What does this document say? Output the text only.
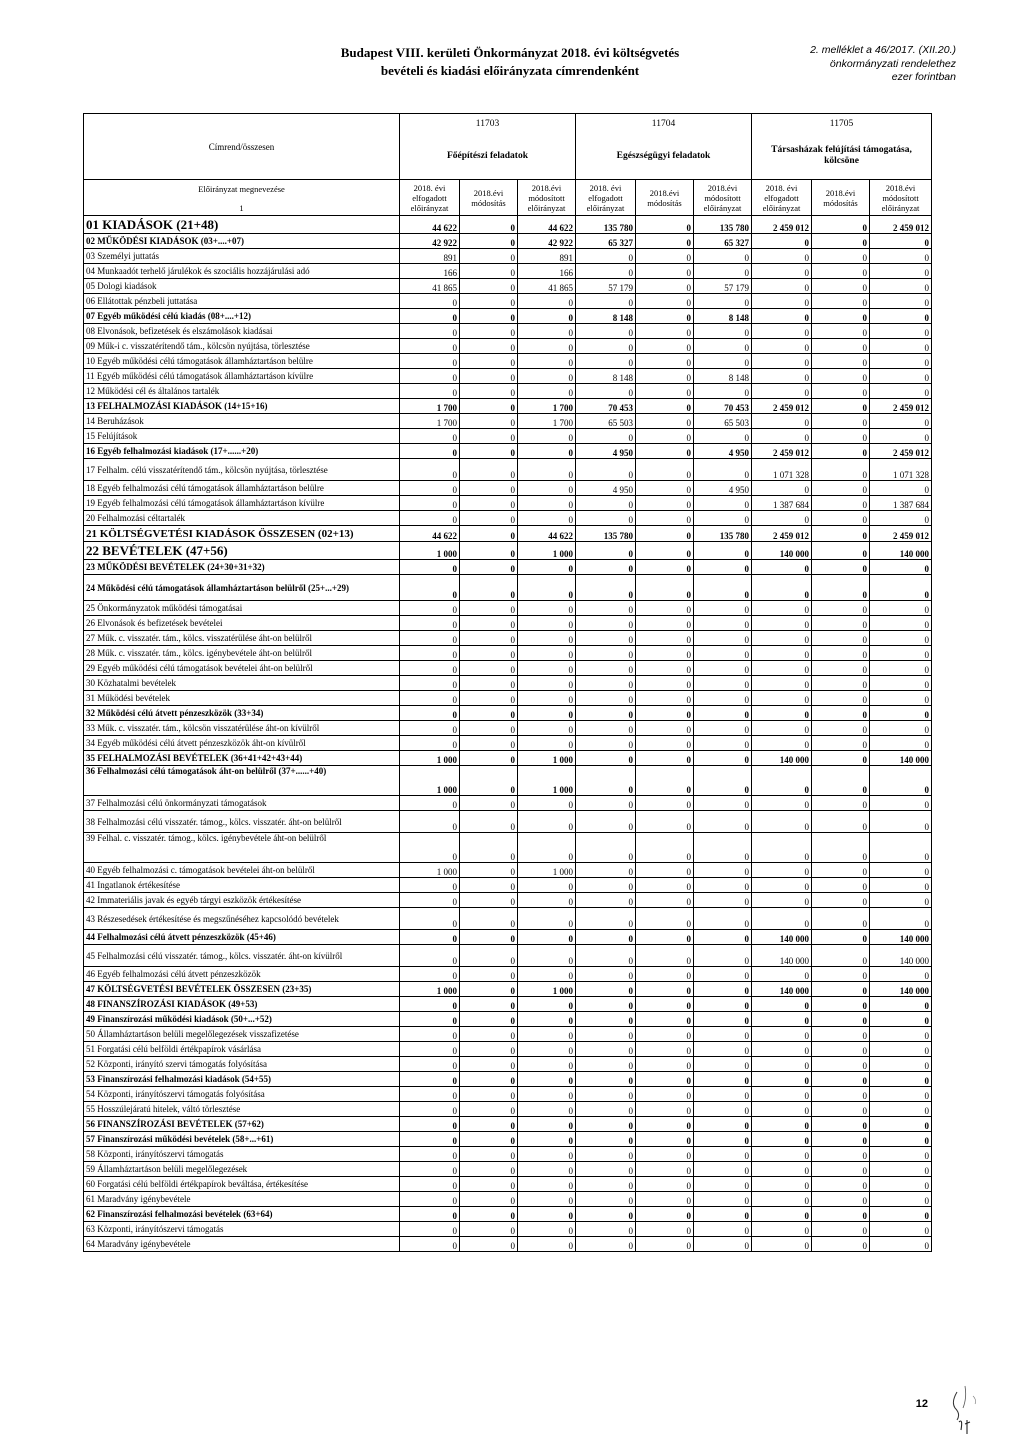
Budapest VIII. kerületi Önkormányzat 2018. évi költségvetés
bevételi és kiadási előirányzata címrendenként
2. melléklet a 46/2017. (XII.20.)
önkormányzati rendelethez
ezer forintban
Címrend/összesen	11703			11704			11705		
	Főépítészi feladatok			Egészségügyi feladatok			Társasházak felújítási támogatása, kölcsöne		

Előirányzat megnevezése
1	2018. évi elfogadott előirányzat	2018.évi módosítás	2018.évi módosított előirányzat	2018. évi elfogadott előirányzat	2018.évi módosítás	2018.évi módosított előirányzat	2018. évi elfogadott előirányzat	2018.évi módosítás	2018.évi módosított előirányzat
01 KIADÁSOK (21+48)	44 622	0	44 622	135 780	0	135 780	2 459 012	0	2 459 012
02 MŰKÖDÉSI KIADÁSOK (03+....+07)	42 922	0	42 922	65 327	0	65 327	0	0	0
03 Személyi juttatás	891	0	891	0	0	0	0	0	0
04 Munkaadót terhelő járulékok és szociális hozzájárulási adó	166	0	166	0	0	0	0	0	0
05 Dologi kiadások	41 865	0	41 865	57 179	0	57 179	0	0	0
06 Ellátottak pénzbeli juttatása	0	0	0	0	0	0	0	0	0
07 Egyéb működési célú kiadás (08+....+12)	0	0	0	8 148	0	8 148	0	0	0
08 Elvonások, befizetések és elszámolások kiadásai	0	0	0	0	0	0	0	0	0
09 Műk-i c. visszatérítendő tám., kölcsön nyújtása, törlesztése	0	0	0	0	0	0	0	0	0
10 Egyéb működési célú támogatások államháztartáson belülre	0	0	0	0	0	0	0	0	0
11 Egyéb működési célú támogatások államháztartáson kívülre	0	0	0	8 148	0	8 148	0	0	0
12 Működési cél és általános tartalék	0	0	0	0	0	0	0	0	0
13 FELHALMOZÁSI KIADÁSOK (14+15+16)	1 700	0	1 700	70 453	0	70 453	2 459 012	0	2 459 012
14 Beruházások	1 700	0	1 700	65 503	0	65 503	0	0	0
15 Felújítások	0	0	0	0	0	0	0	0	0
16 Egyéb felhalmozási kiadások (17+......+20)	0	0	0	4 950	0	4 950	2 459 012	0	2 459 012
17 Felhalm. célú visszatérítendő tám., kölcsön nyújtása, törlesztése	0	0	0	0	0	0	1 071 328	0	1 071 328
18 Egyéb felhalmozási célú támogatások államháztartáson belülre	0	0	0	4 950	0	4 950	0	0	0
19 Egyéb felhalmozási célú támogatások államháztartáson kívülre	0	0	0	0	0	0	1 387 684	0	1 387 684
20 Felhalmozási céltartalék	0	0	0	0	0	0	0	0	0
21 KÖLTSÉGVETÉSI KIADÁSOK ÖSSZESEN (02+13)	44 622	0	44 622	135 780	0	135 780	2 459 012	0	2 459 012
22 BEVÉTELEK (47+56)	1 000	0	1 000	0	0	0	140 000	0	140 000
23 MŰKÖDÉSI BEVÉTELEK (24+30+31+32)	0	0	0	0	0	0	0	0	0
24 Működési célú támogatások államháztartáson belülről (25+...+29)	0	0	0	0	0	0	0	0	0
25 Önkormányzatok működési támogatásai	0	0	0	0	0	0	0	0	0
26 Elvonások és befizetések bevételei	0	0	0	0	0	0	0	0	0
27 Műk. c. visszatér. tám., kölcs. visszatérülése áht-on belülről	0	0	0	0	0	0	0	0	0
28 Műk. c. visszatér. tám., kölcs. igénybevétele áht-on belülről	0	0	0	0	0	0	0	0	0
29 Egyéb működési célú támogatások bevételei áht-on belülről	0	0	0	0	0	0	0	0	0
30 Közhatalmi bevételek	0	0	0	0	0	0	0	0	0
31 Működési bevételek	0	0	0	0	0	0	0	0	0
32 Működési célú átvett pénzeszközök (33+34)	0	0	0	0	0	0	0	0	0
33 Műk. c. visszatér. tám., kölcsön visszatérülése áht-on kívülről	0	0	0	0	0	0	0	0	0
34 Egyéb működési célú átvett pénzeszközök áht-on kívülről	0	0	0	0	0	0	0	0	0
35 FELHALMOZÁSI BEVÉTELEK (36+41+42+43+44)	1 000	0	1 000	0	0	0	140 000	0	140 000
36 Felhalmozási célú támogatások áht-on belülről (37+......+40)	1 000	0	1 000	0	0	0	0	0	0
37 Felhalmozási célú önkormányzati támogatások	0	0	0	0	0	0	0	0	0
38 Felhalmozási célú visszatér. támog., kölcs. visszatér. áht-on belülről	0	0	0	0	0	0	0	0	0
39 Felhal. c. visszatér. támog., kölcs. igénybevétele áht-on belülről	0	0	0	0	0	0	0	0	0
40 Egyéb felhalmozási c. támogatások bevételei áht-on belülről	1 000	0	1 000	0	0	0	0	0	0
41 Ingatlanok értékesítése	0	0	0	0	0	0	0	0	0
42 Immateriális javak és egyéb tárgyi eszközök értékesítése	0	0	0	0	0	0	0	0	0
43 Részesedések értékesítése és megszűnéséhez kapcsolódó bevételek	0	0	0	0	0	0	0	0	0
44 Felhalmozási célú átvett pénzeszközök (45+46)	0	0	0	0	0	0	140 000	0	140 000
45 Felhalmozási célú visszatér. támog., kölcs. visszatér. áht-on kívülről	0	0	0	0	0	0	140 000	0	140 000
46 Egyéb felhalmozási célú átvett pénzeszközök	0	0	0	0	0	0	0	0	0
47 KÖLTSÉGVETÉSI BEVÉTELEK ÖSSZESEN (23+35)	1 000	0	1 000	0	0	0	140 000	0	140 000
48 FINANSZÍROZÁSI KIADÁSOK (49+53)	0	0	0	0	0	0	0	0	0
49 Finanszírozási működési kiadások (50+...+52)	0	0	0	0	0	0	0	0	0
50 Államháztartáson belüli megelőlegezések visszafizetése	0	0	0	0	0	0	0	0	0
51 Forgatási célú belföldi értékpapírok vásárlása	0	0	0	0	0	0	0	0	0
52 Központi, irányító szervi támogatás folyósítása	0	0	0	0	0	0	0	0	0
53 Finanszírozási felhalmozási kiadások (54+55)	0	0	0	0	0	0	0	0	0
54 Központi, irányítószervi támogatás folyósítása	0	0	0	0	0	0	0	0	0
55 Hosszúlejáratú hitelek, váltó törlesztése	0	0	0	0	0	0	0	0	0
56 FINANSZÍROZÁSI BEVÉTELEK (57+62)	0	0	0	0	0	0	0	0	0
57 Finanszírozási működési bevételek (58+...+61)	0	0	0	0	0	0	0	0	0
58 Központi, irányítószervi támogatás	0	0	0	0	0	0	0	0	0
59 Államháztartáson belüli megelőlegezések	0	0	0	0	0	0	0	0	0
60 Forgatási célú belföldi értékpapírok beváltása, értékesítése	0	0	0	0	0	0	0	0	0
61 Maradvány igénybevétele	0	0	0	0	0	0	0	0	0
62 Finanszírozási felhalmozási bevételek (63+64)	0	0	0	0	0	0	0	0	0
63 Központi, irányítószervi támogatás	0	0	0	0	0	0	0	0	0
64 Maradvány igénybevétele	0	0	0	0	0	0	0	0	0
12
